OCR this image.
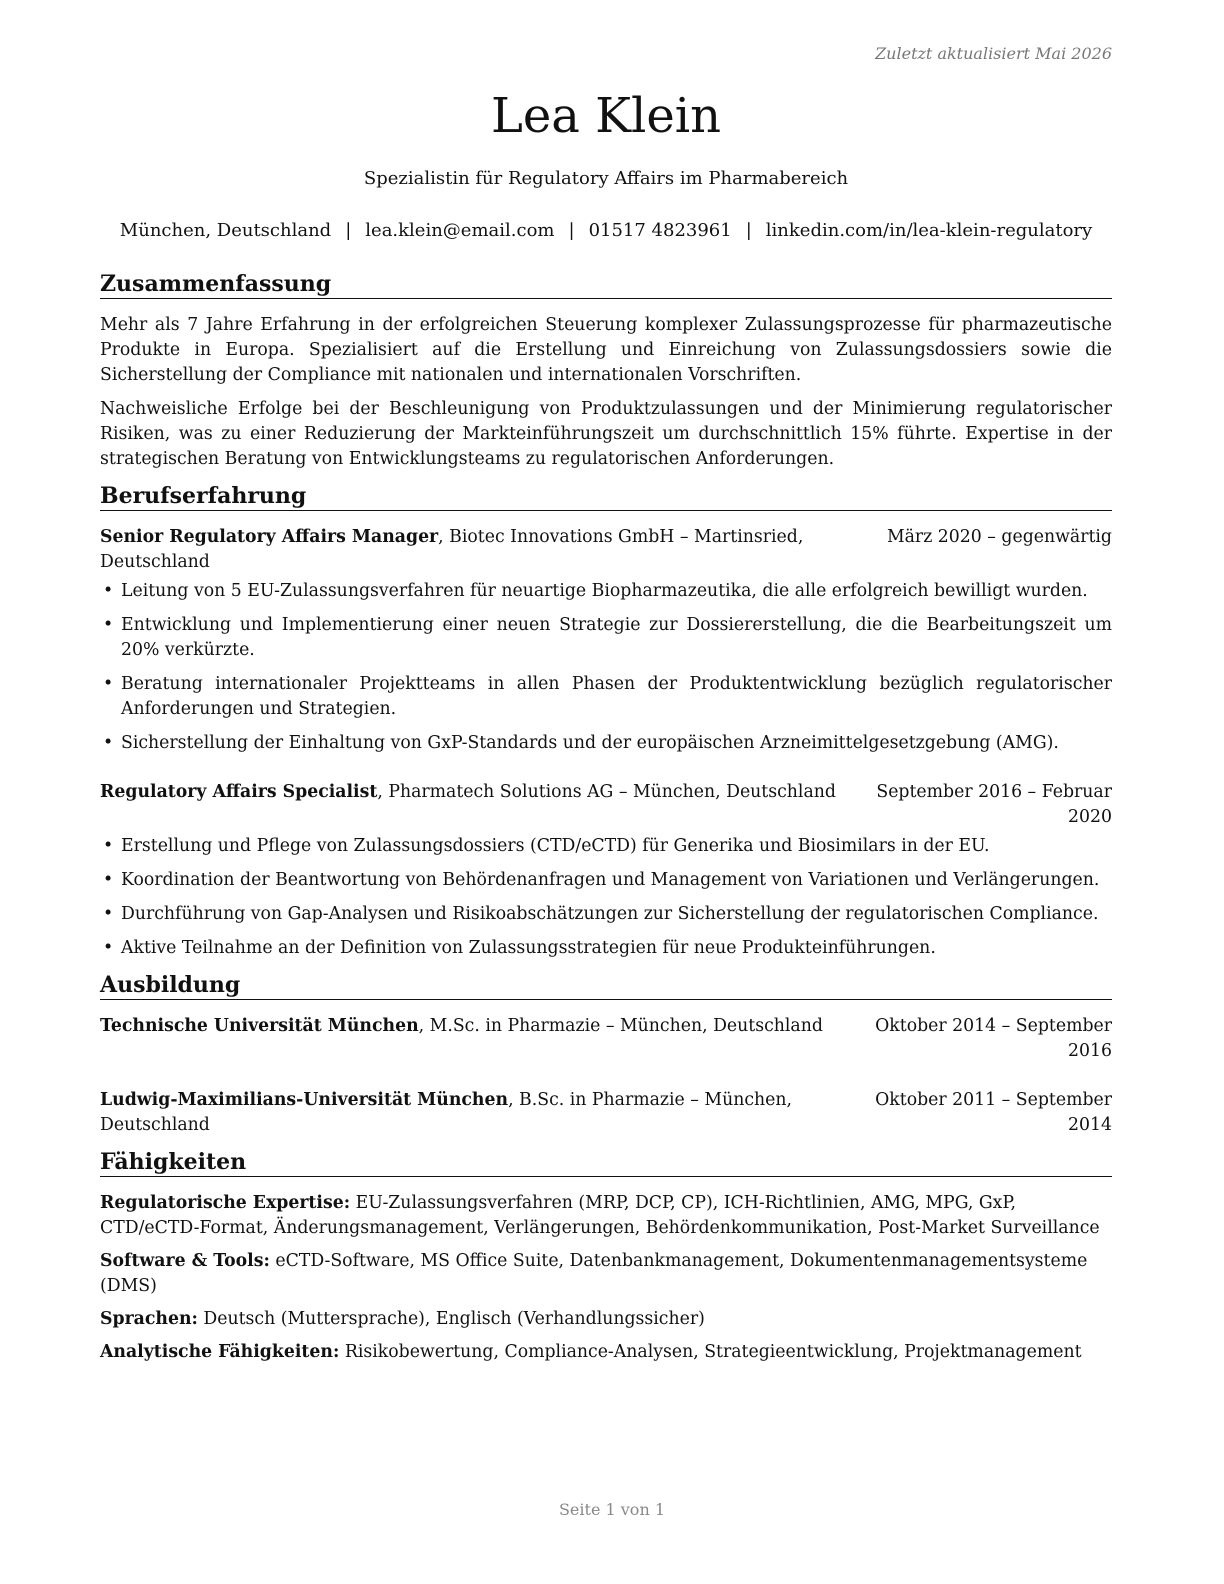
Zuletzt aktualisiert Mai 2026
Lea Klein
Spezialistin für Regulatory Affairs im Pharmabereich
München, Deutschland | lea.klein@email.com | 01517 4823961 | linkedin.com/in/lea-klein-regulatory
Zusammenfassung

Mehr als 7 Jahre Erfahrung in der erfolgreichen Steuerung komplexer Zulassungsprozesse für pharmazeutische Produkte in Europa. Spezialisiert auf die Erstellung und Einreichung von Zulassungsdossiers sowie die Sicherstellung der Compliance mit nationalen und internationalen Vorschriften.

Nachweisliche Erfolge bei der Beschleunigung von Produktzulassungen und der Minimierung regulatorischer Risiken, was zu einer Reduzierung der Markteinführungszeit um durchschnittlich 15% führte. Expertise in der strategischen Beratung von Entwicklungsteams zu regulatorischen Anforderungen.

Berufserfahrung
Senior Regulatory Affairs Manager, Biotec Innovations GmbH – Martinsried, Deutschland
März 2020 – gegenwärtig
• Leitung von 5 EU-Zulassungsverfahren für neuartige Biopharmazeutika, die alle erfolgreich bewilligt wurden.
• Entwicklung und Implementierung einer neuen Strategie zur Dossiererstellung, die die Bearbeitungszeit um 20% verkürzte.
• Beratung internationaler Projektteams in allen Phasen der Produktentwicklung bezüglich regulatorischer Anforderungen und Strategien.
• Sicherstellung der Einhaltung von GxP-Standards und der europäischen Arzneimittelgesetzgebung (AMG).
Regulatory Affairs Specialist, Pharmatech Solutions AG – München, Deutschland	September 2016 – Februar 2020
• Erstellung und Pflege von Zulassungsdossiers (CTD/eCTD) für Generika und Biosimilars in der EU.
• Koordination der Beantwortung von Behördenanfragen und Management von Variationen und Verlängerungen.
• Durchführung von Gap-Analysen und Risikoabschätzungen zur Sicherstellung der regulatorischen Compliance.
• Aktive Teilnahme an der Definition von Zulassungsstrategien für neue Produkteinführungen.
Ausbildung
Technische Universität München, M.Sc. in Pharmazie – München, Deutschland	Oktober 2014 – September 2016
Ludwig-Maximilians-Universität München, B.Sc. in Pharmazie – München, Deutschland
Oktober 2011 – September 2014
Fähigkeiten
Regulatorische Expertise: EU-Zulassungsverfahren (MRP, DCP, CP), ICH-Richtlinien, AMG, MPG, GxP, CTD/eCTD-Format, Änderungsmanagement, Verlängerungen, Behördenkommunikation, Post-Market Surveillance
Software & Tools: eCTD-Software, MS Office Suite, Datenbankmanagement, Dokumentenmanagementsysteme (DMS)
Sprachen: Deutsch (Muttersprache), Englisch (Verhandlungssicher)
Analytische Fähigkeiten: Risikobewertung, Compliance-Analysen, Strategieentwicklung, Projektmanagement
Seite 1 von 1
